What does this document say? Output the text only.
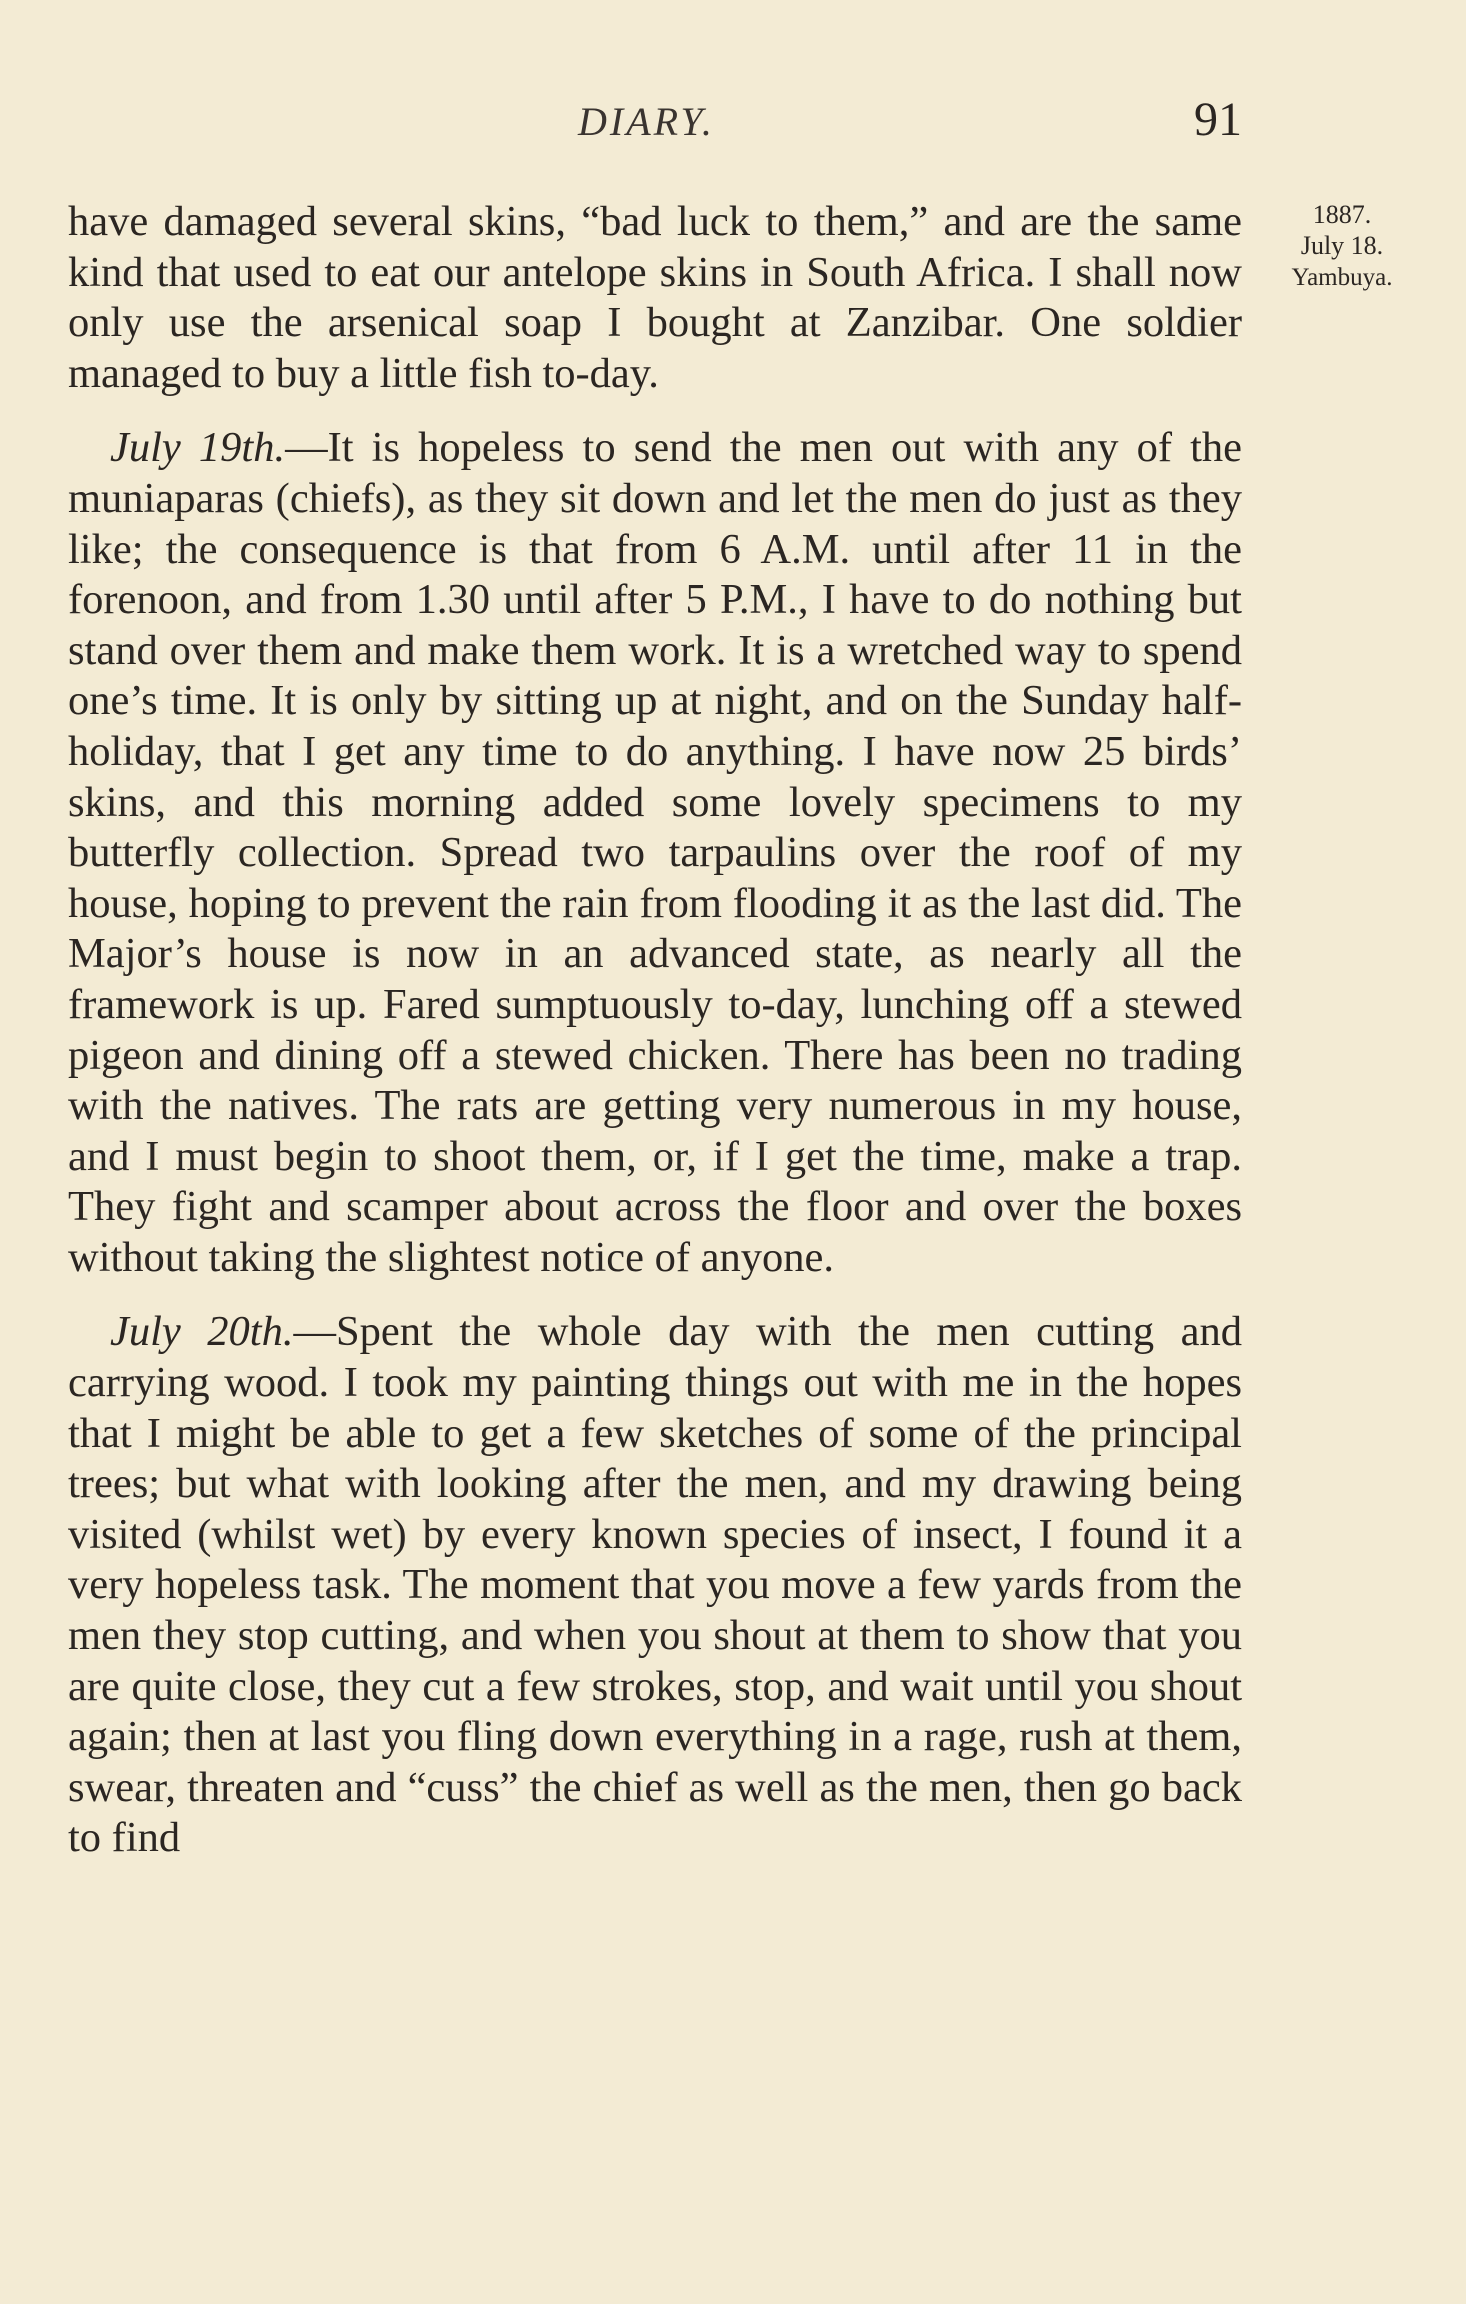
DIARY.	91
1887.
July 18.
Yambuya.

have damaged several skins, “bad luck to them,” and are the same kind that used to eat our antelope skins in South Africa. I shall now only use the arsenical soap I bought at Zanzibar. One soldier managed to buy a little fish to-day.

July 19th.—It is hopeless to send the men out with any of the muniaparas (chiefs), as they sit down and let the men do just as they like; the consequence is that from 6 A.M. until after 11 in the forenoon, and from 1.30 until after 5 P.M., I have to do nothing but stand over them and make them work. It is a wretched way to spend one’s time. It is only by sitting up at night, and on the Sunday half-holiday, that I get any time to do anything. I have now 25 birds’ skins, and this morning added some lovely specimens to my butterfly collection. Spread two tarpaulins over the roof of my house, hoping to prevent the rain from flooding it as the last did. The Major’s house is now in an advanced state, as nearly all the framework is up. Fared sumptuously to-day, lunching off a stewed pigeon and dining off a stewed chicken. There has been no trading with the natives. The rats are getting very numerous in my house, and I must begin to shoot them, or, if I get the time, make a trap. They fight and scamper about across the floor and over the boxes without taking the slightest notice of anyone.

July 20th.—Spent the whole day with the men cutting and carrying wood. I took my painting things out with me in the hopes that I might be able to get a few sketches of some of the principal trees; but what with looking after the men, and my drawing being visited (whilst wet) by every known species of insect, I found it a very hopeless task. The moment that you move a few yards from the men they stop cutting, and when you shout at them to show that you are quite close, they cut a few strokes, stop, and wait until you shout again; then at last you fling down everything in a rage, rush at them, swear, threaten and “cuss” the chief as well as the men, then go back to find
